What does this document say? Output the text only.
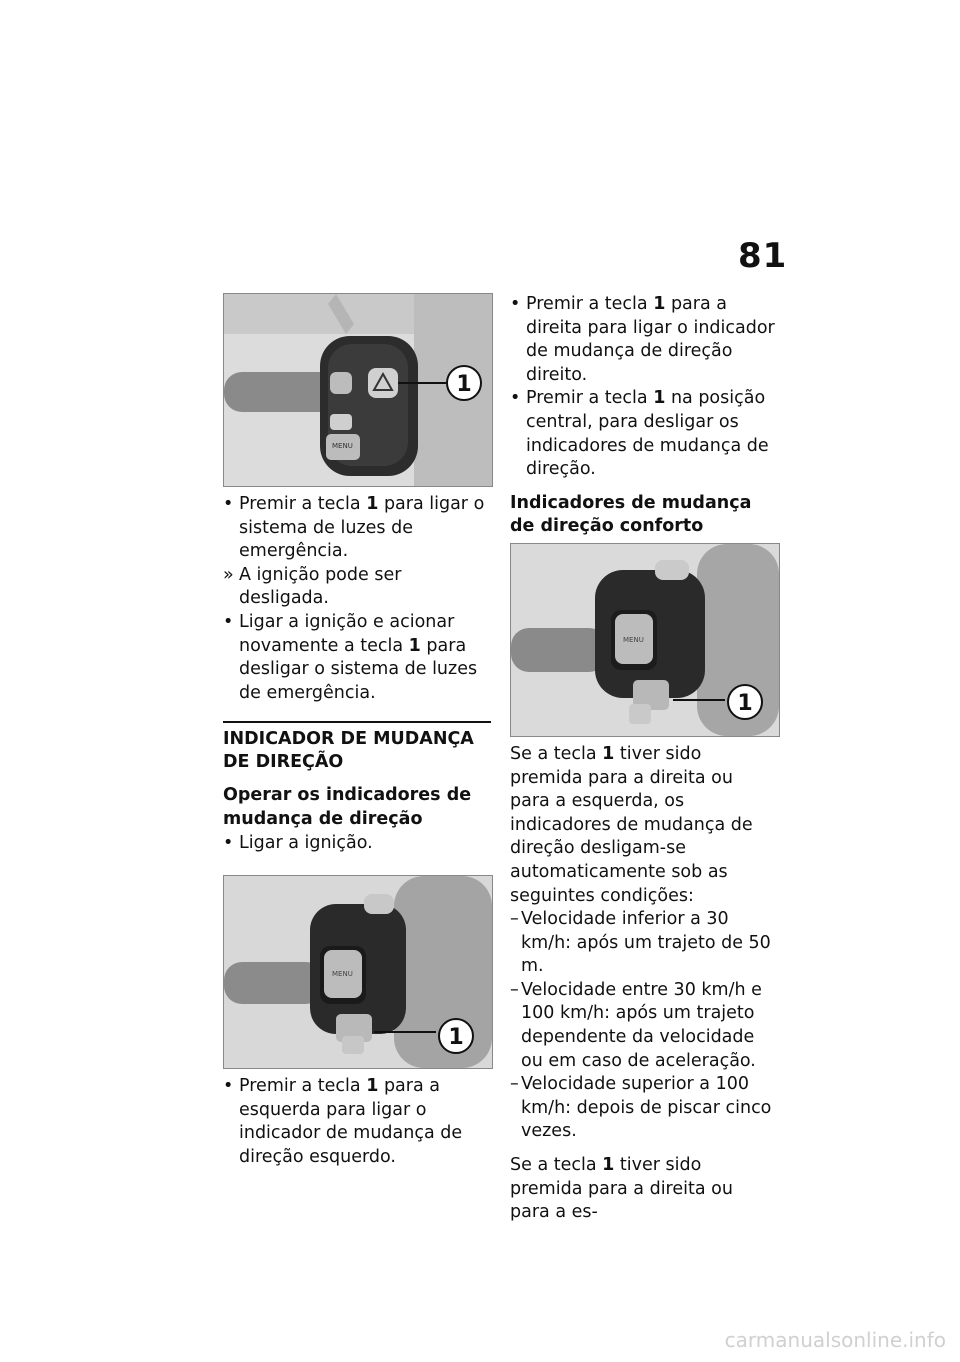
81
MENU
1

• Premir a tecla 1 para ligar o sistema de luzes de emergência.

» A ignição pode ser desligada.

• Ligar a ignição e acionar novamente a tecla 1 para desligar o sistema de luzes de emergência.

INDICADOR DE MUDANÇA DE DIREÇÃO

Operar os indicadores de mudança de direção

• Ligar a ignição.

MENU
1

• Premir a tecla 1 para a esquerda para ligar o indicador de mudança de direção esquerdo.

• Premir a tecla 1 para a direita para ligar o indicador de mudança de direção direito.

• Premir a tecla 1 na posição central, para desligar os indicadores de mudança de direção.

Indicadores de mudança de direção conforto

MENU
1

Se a tecla 1 tiver sido premida para a direita ou para a esquerda, os indicadores de mudança de direção desligam-se automaticamente sob as seguintes condições:

– Velocidade inferior a 30 km/h: após um trajeto de 50 m.

– Velocidade entre 30 km/h e 100 km/h: após um trajeto dependente da velocidade ou em caso de aceleração.

– Velocidade superior a 100 km/h: depois de piscar cinco vezes.

Se a tecla 1 tiver sido premida para a direita ou para a es-

carmanualsonline.info
